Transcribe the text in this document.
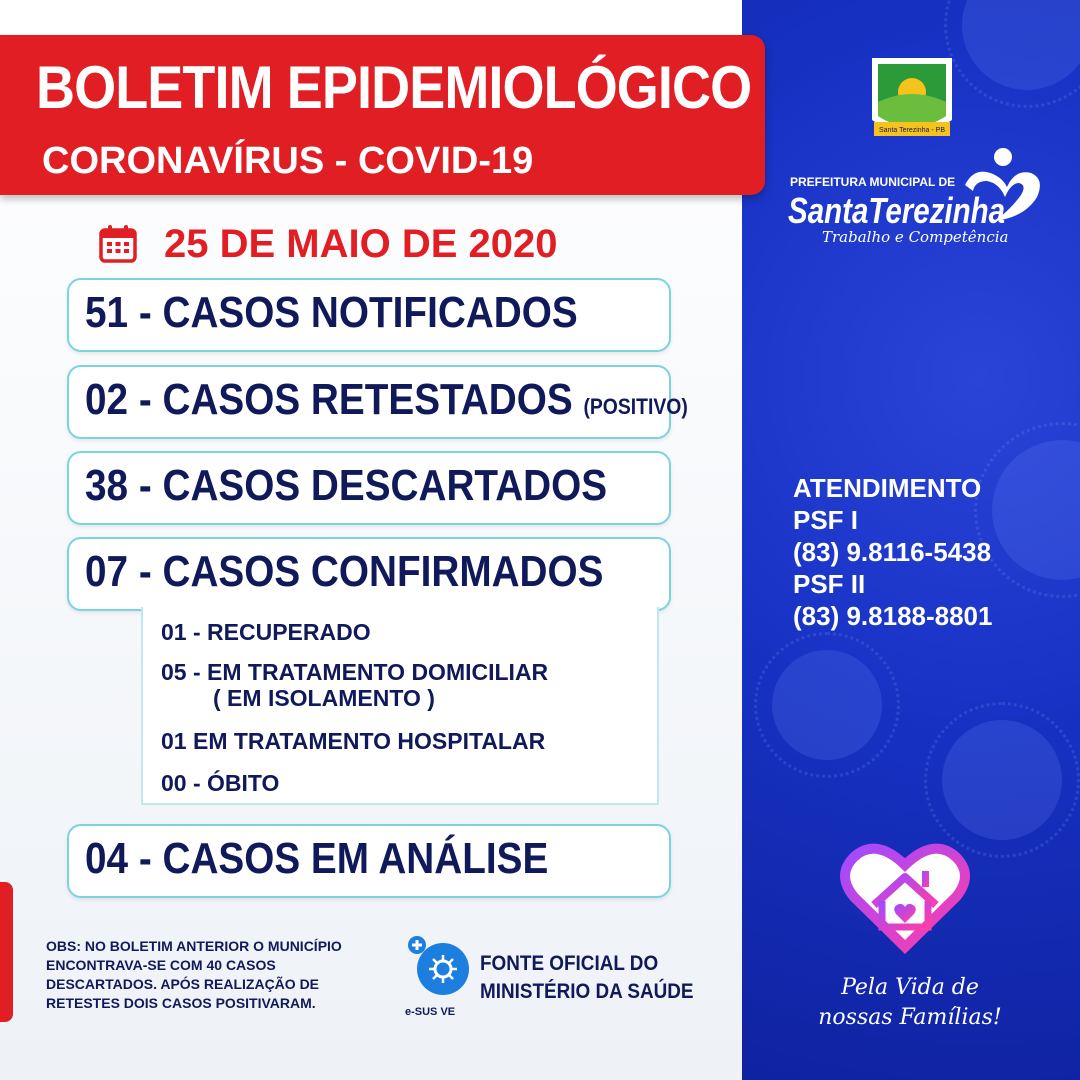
BOLETIM EPIDEMIOLÓGICO
CORONAVÍRUS - COVID-19
25 DE MAIO DE 2020
51 - CASOS NOTIFICADOS
02 - CASOS RETESTADOS (POSITIVO)
38 - CASOS DESCARTADOS
07 - CASOS CONFIRMADOS
01 - RECUPERADO
05 - EM TRATAMENTO DOMICILIAR
( EM ISOLAMENTO )
01 EM TRATAMENTO HOSPITALAR
00 - ÓBITO
04 - CASOS EM ANÁLISE
OBS: NO BOLETIM ANTERIOR O MUNICÍPIO ENCONTRAVA-SE COM 40 CASOS DESCARTADOS. APÓS REALIZAÇÃO DE RETESTES DOIS CASOS POSITIVARAM.
e-SUS VE
FONTE OFICIAL DO
MINISTÉRIO DA SAÚDE
Santa Terezinha - PB
PREFEITURA MUNICIPAL DE
SantaTerezinha
Trabalho e Competência
ATENDIMENTO
PSF I
(83) 9.8116-5438
PSF II
(83) 9.8188-8801
Pela Vida de
nossas Famílias!
